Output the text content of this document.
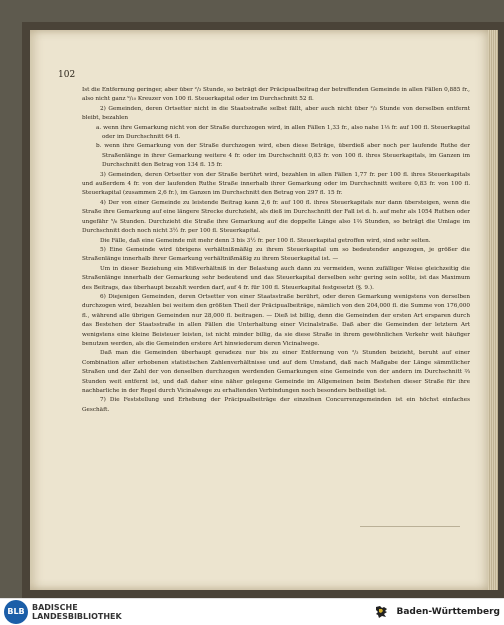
102

Ist die Entfernung geringer, aber über ²/₃ Stunde, so beträgt der Präcipualbeitrag der betreffenden Gemeinde in allen Fällen 0,885 fr., also nicht ganz ⁹/₁₀ Kreuzer von 100 fl. Steuerkapital oder im Durchschnitt 52 fl.

2) Gemeinden, deren Ortsetter nicht in die Staatsstraße selbst fällt, aber auch nicht über ²/₃ Stunde von derselben entfernt bleibt, bezahlen

a. wenn ihre Gemarkung nicht von der Straße durchzogen wird, in allen Fällen 1,33 fr., also nahe 1⅓ fr. auf 100 fl. Steuerkapital oder im Durchschnitt 64 fl.

b. wenn ihre Gemarkung von der Straße durchzogen wird, eben diese Beträge, überdieß aber noch per laufende Ruthe der Straßenlänge in ihrer Gemarkung weitere 4 fr. oder im Durchschnitt 0,83 fr. von 100 fl. ihres Steuerkapitals, im Ganzen im Durchschnitt den Betrag von 134 fl. 15 fr.

3) Gemeinden, deren Ortsetter von der Straße berührt wird, bezahlen in allen Fällen 1,77 fr. per 100 fl. ihres Steuerkapitals und außerdem 4 fr. von der laufenden Ruthe Straße innerhalb ihrer Gemarkung oder im Durchschnitt weitere 0,83 fr. von 100 fl. Steuerkapital (zusammen 2,6 fr.), im Ganzen im Durchschnitt den Betrag von 297 fl. 15 fr.

4) Der von einer Gemeinde zu leistende Beitrag kann 2,6 fr. auf 100 fl. ihres Steuerkapitals nur dann übersteigen, wenn die Straße ihre Gemarkung auf eine längere Strecke durchzieht, als dieß im Durchschnitt der Fall ist d. h. auf mehr als 1054 Ruthen oder ungefähr ⁵/₆ Stunden. Durchzieht die Straße ihre Gemarkung auf die doppelte Länge also 1⅔ Stunden, so beträgt die Umlage im Durchschnitt doch noch nicht 3½ fr. per 100 fl. Steuerkapital.

Die Fälle, daß eine Gemeinde mit mehr denn 3 bis 3½ fr. per 100 fl. Steuerkapital getroffen wird, sind sehr selten.

5) Eine Gemeinde wird übrigens verhältnißmäßig zu ihrem Steuerkapital um so bedeutender angezogen, je größer die Straßenlänge innerhalb ihrer Gemarkung verhältnißmäßig zu ihrem Steuerkapital ist. —

Um in dieser Beziehung ein Mißverhältniß in der Belastung auch dann zu vermeiden, wenn zufälliger Weise gleichzeitig die Straßenlänge innerhalb der Gemarkung sehr bedeutend und das Steuerkapital derselben sehr gering sein sollte, ist das Maximum des Beitrags, das überhaupt bezahlt werden darf, auf 4 fr. für 100 fl. Steuerkapital festgesetzt (§. 9.).

6) Diejenigen Gemeinden, deren Ortsetter von einer Staatsstraße berührt, oder deren Gemarkung wenigstens von derselben durchzogen wird, bezahlen bei weitem den größten Theil der Präcipualbeiträge, nämlich von den 204,000 fl. die Summe von 176,000 fl., während alle übrigen Gemeinden nur 28,000 fl. beitragen. — Dieß ist billig, denn die Gemeinden der ersten Art ersparen durch das Bestehen der Staatsstraße in allen Fällen die Unterhaltung einer Vicinalstraße. Daß aber die Gemeinden der letztern Art wenigstens eine kleine Beisteuer leisten, ist nicht minder billig, da sie diese Straße in ihrem gewöhnlichen Verkehr weit häufiger benutzen werden, als die Gemeinden erstere Art hinwiederum deren Vicinalwege.

Daß man die Gemeinden überhaupt geradezu nur bis zu einer Entfernung von ²/₃ Stunden beizieht, beruht auf einer Combination aller erhobenen statistischen Zahlenverhältnisse und auf dem Umstand, daß nach Maßgabe der Länge sämmtlicher Straßen und der Zahl der von denselben durchzogen werdenden Gemarkungen eine Gemeinde von der andern im Durchschnitt ⅔ Stunden weit entfernt ist, und daß daher eine näher gelegene Gemeinde im Allgemeinen beim Bestehen dieser Straße für ihre nachbarliche in der Regel durch Vicinalwege zu erhaltenden Verbindungen noch besonders betheiligt ist.

7) Die Feststellung und Erhebung der Präcipualbeiträge der einzelnen Concurrenzgemeinden ist ein höchst einfaches Geschäft.

BLB BADISCHE
LANDESBIBLIOTHEK	Baden-Württemberg
